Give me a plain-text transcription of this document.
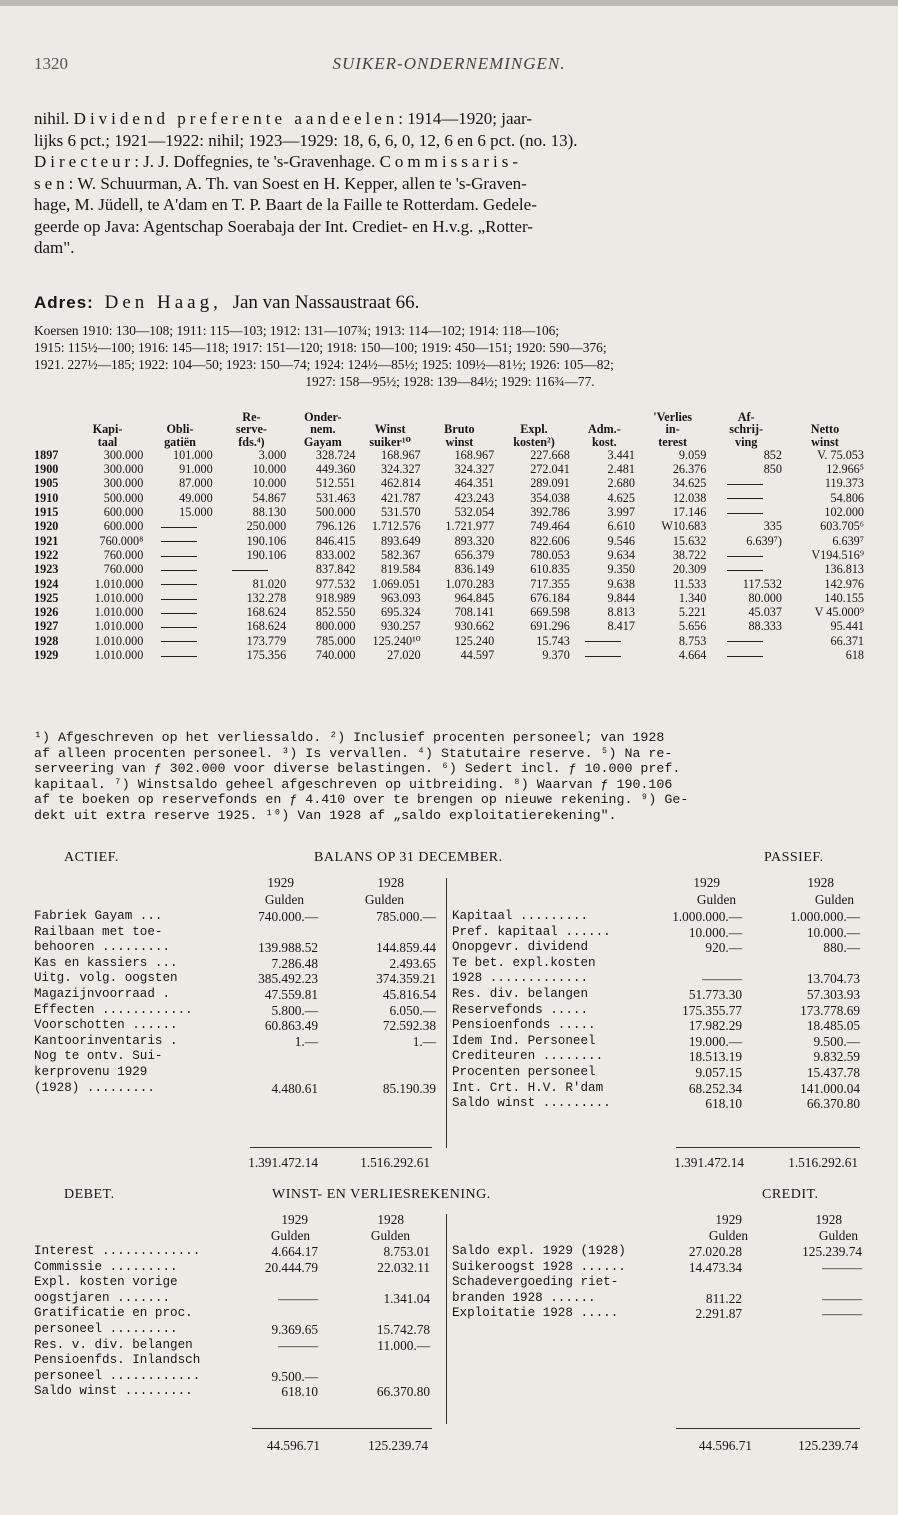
1320	SUIKER-ONDERNEMINGEN.

nihil. Dividend preferente aandeelen: 1914—1920; jaar-

lijks 6 pct.; 1921—1922: nihil; 1923—1929: 18, 6, 6, 0, 12, 6 en 6 pct. (no. 13).

Directeur: J. J. Doffegnies, te 's-Gravenhage. Commissaris-

sen: W. Schuurman, A. Th. van Soest en H. Kepper, allen te 's-Graven-

hage, M. Jüdell, te A'dam en T. P. Baart de la Faille te Rotterdam. Gedele-

geerde op Java: Agentschap Soerabaja der Int. Crediet- en H.v.g. „Rotter-

dam".

Adres: Den Haag, Jan van Nassaustraat 66.
Koersen 1910: 130—108; 1911: 115—103; 1912: 131—107¾; 1913: 114—102; 1914: 118—106;
1915: 115½—100; 1916: 145—118; 1917: 151—120; 1918: 150—100; 1919: 450—151; 1920: 590—376;
1921. 227½—185; 1922: 104—50; 1923: 150—74; 1924: 124½—85½; 1925: 109½—81½; 1926: 105—82;
1927: 158—95½; 1928: 139—84½; 1929: 116¾—77.
			Re-	Onder-					'Verlies	Af-	
	Kapi-	Obli-	serve-	nem.	Winst	Bruto	Expl.	Adm.-	in-	schrij-	Netto
	taal	gatiën	fds.⁴)	Gayam	suiker¹⁰	winst	kosten²)	kost.	terest	ving	winst
1897	300.000	101.000	3.000	328.724	168.967	168.967	227.668	3.441	9.059	852	V. 75.053
1900	300.000	91.000	10.000	449.360	324.327	324.327	272.041	2.481	26.376	850	12.966⁵
1905	300.000	87.000	10.000	512.551	462.814	464.351	289.091	2.680	34.625		119.373
1910	500.000	49.000	54.867	531.463	421.787	423.243	354.038	4.625	12.038		54.806
1915	600.000	15.000	88.130	500.000	531.570	532.054	392.786	3.997	17.146		102.000
1920	600.000		250.000	796.126	1.712.576	1.721.977	749.464	6.610	W10.683	335	603.705⁶
1921	760.000⁸		190.106	846.415	893.649	893.320	822.606	9.546	15.632	6.639⁷)	6.639⁷
1922	760.000		190.106	833.002	582.367	656.379	780.053	9.634	38.722		V194.516⁹
1923	760.000			837.842	819.584	836.149	610.835	9.350	20.309		136.813
1924	1.010.000		81.020	977.532	1.069.051	1.070.283	717.355	9.638	11.533	117.532	142.976
1925	1.010.000		132.278	918.989	963.093	964.845	676.184	9.844	1.340	80.000	140.155
1926	1.010.000		168.624	852.550	695.324	708.141	669.598	8.813	5.221	45.037	V 45.000⁹
1927	1.010.000		168.624	800.000	930.257	930.662	691.296	8.417	5.656	88.333	95.441
1928	1.010.000		173.779	785.000	125.240¹⁰	125.240	15.743		8.753		66.371
1929	1.010.000		175.356	740.000	27.020	44.597	9.370		4.664		618

¹) Afgeschreven op het verliessaldo. ²) Inclusief procenten personeel; van 1928

af alleen procenten personeel. ³) Is vervallen. ⁴) Statutaire reserve. ⁵) Na re-

serveering van ƒ 302.000 voor diverse belastingen. ⁶) Sedert incl. ƒ 10.000 pref.

kapitaal. ⁷) Winstsaldo geheel afgeschreven op uitbreiding. ⁸) Waarvan ƒ 190.106

af te boeken op reservefonds en ƒ 4.410 over te brengen op nieuwe rekening. ⁹) Ge-

dekt uit extra reserve 1925. ¹⁰) Van 1928 af „saldo exploitatierekening".

ACTIEF.	BALANS OP 31 DECEMBER.	PASSIEF.
1929	1928
Gulden	Gulden
1929	1928
Gulden	Gulden
Fabriek Gayam ...	740.000.—	785.000.—
Railbaan met toe-
behooren .........	139.988.52	144.859.44
Kas en kassiers ...	7.286.48	2.493.65
Uitg. volg. oogsten	385.492.23	374.359.21
Magazijnvoorraad .	47.559.81	45.816.54
Effecten ............	5.800.—	6.050.—
Voorschotten ......	60.863.49	72.592.38
Kantoorinventaris .	1.—	1.—
Nog te ontv. Sui-
kerprovenu 1929
(1928) .........	4.480.61	85.190.39
Kapitaal .........	1.000.000.—	1.000.000.—
Pref. kapitaal ......	10.000.—	10.000.—
Onopgevr. dividend	920.—	880.—
Te bet. expl.kosten
1928 .............	———	13.704.73
Res. div. belangen	51.773.30	57.303.93
Reservefonds .....	175.355.77	173.778.69
Pensioenfonds .....	17.982.29	18.485.05
Idem Ind. Personeel	19.000.—	9.500.—
Crediteuren ........	18.513.19	9.832.59
Procenten personeel	9.057.15	15.437.78
Int. Crt. H.V. R'dam	68.252.34	141.000.04
Saldo winst .........	618.10	66.370.80
1.391.472.14	1.516.292.61	1.391.472.14	1.516.292.61
DEBET.	WINST- EN VERLIESREKENING.	CREDIT.
1929	1928
Gulden	Gulden
1929	1928
Gulden	Gulden
Interest .............	4.664.17	8.753.01
Commissie .........	20.444.79	22.032.11
Expl. kosten vorige
oogstjaren .......	———	1.341.04
Gratificatie en proc.
personeel .........	9.369.65	15.742.78
Res. v. div. belangen	———	11.000.—
Pensioenfds. Inlandsch
personeel ............	9.500.—
Saldo winst .........	618.10	66.370.80
Saldo expl. 1929 (1928)	27.020.28	125.239.74
Suikeroogst 1928 ......	14.473.34	———
Schadevergoeding riet-
branden 1928 ......	811.22	———
Exploitatie 1928 .....	2.291.87	———
44.596.71	125.239.74	44.596.71	125.239.74
